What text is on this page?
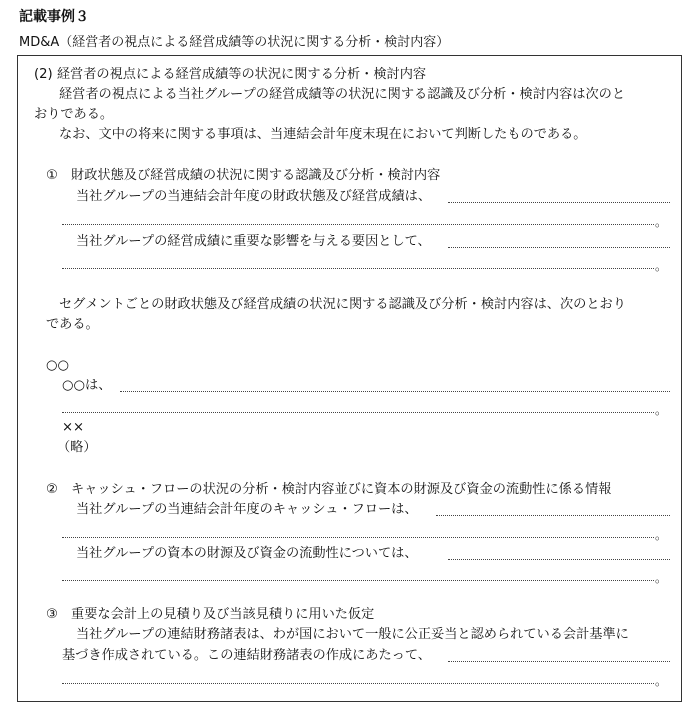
記載事例３
MD&A（経営者の視点による経営成績等の状況に関する分析・検討内容）
(2) 経営者の視点による経営成績等の状況に関する分析・検討内容
経営者の視点による当社グループの経営成績等の状況に関する認識及び分析・検討内容は次のと
おりである。
なお、文中の将来に関する事項は、当連結会計年度末現在において判断したものである。
①　財政状態及び経営成績の状況に関する認識及び分析・検討内容
当社グループの当連結会計年度の財政状態及び経営成績は、
。
当社グループの経営成績に重要な影響を与える要因として、
。
セグメントごとの財政状態及び経営成績の状況に関する認識及び分析・検討内容は、次のとおり
である。
○○
○○は、
。
××
（略）
②　キャッシュ・フローの状況の分析・検討内容並びに資本の財源及び資金の流動性に係る情報
当社グループの当連結会計年度のキャッシュ・フローは、
。
当社グループの資本の財源及び資金の流動性については、
。
③　重要な会計上の見積り及び当該見積りに用いた仮定
当社グループの連結財務諸表は、わが国において一般に公正妥当と認められている会計基準に
基づき作成されている。この連結財務諸表の作成にあたって、
。
